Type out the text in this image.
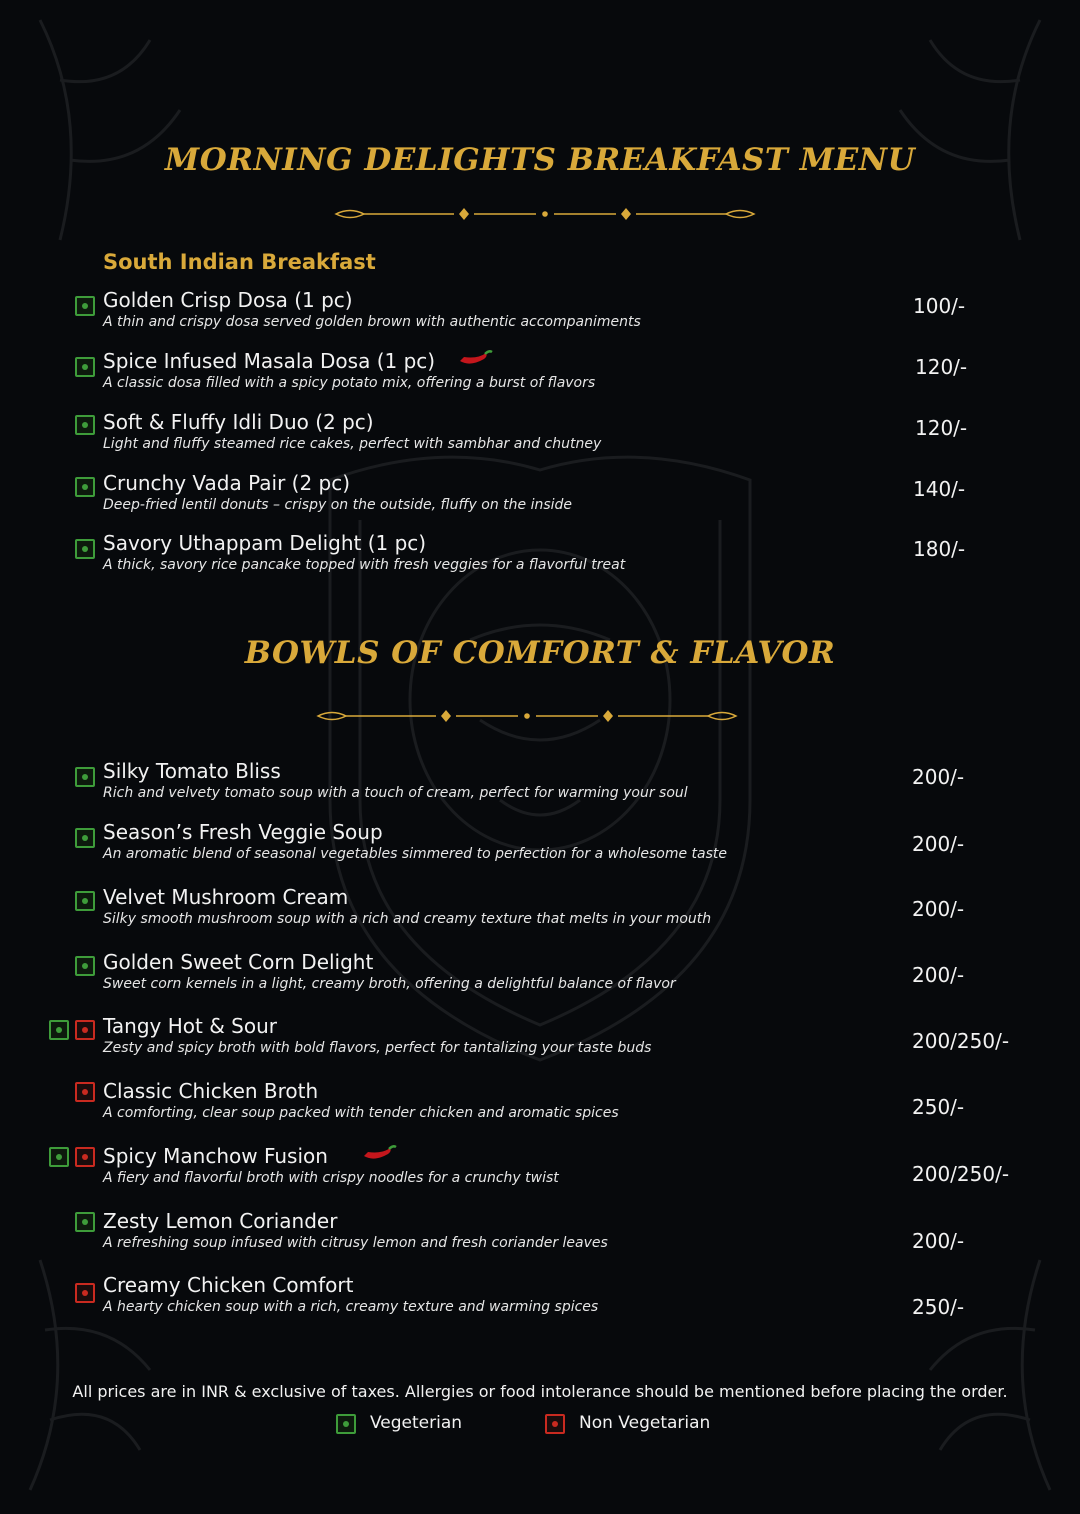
MORNING DELIGHTS BREAKFAST MENU
South Indian Breakfast
Golden Crisp Dosa (1 pc)
A thin and crispy dosa served golden brown with authentic accompaniments
100/-
Spice Infused Masala Dosa (1 pc)
A classic dosa filled with a spicy potato mix, offering a burst of flavors
120/-
Soft & Fluffy Idli Duo (2 pc)
Light and fluffy steamed rice cakes, perfect with sambhar and chutney
120/-
Crunchy Vada Pair (2 pc)
Deep-fried lentil donuts – crispy on the outside, fluffy on the inside
140/-
Savory Uthappam Delight (1 pc)
A thick, savory rice pancake topped with fresh veggies for a flavorful treat
180/-
BOWLS OF COMFORT & FLAVOR
Silky Tomato Bliss
Rich and velvety tomato soup with a touch of cream, perfect for warming your soul
200/-
Season’s Fresh Veggie Soup
An aromatic blend of seasonal vegetables simmered to perfection for a wholesome taste	200/-
Velvet Mushroom Cream
Silky smooth mushroom soup with a rich and creamy texture that melts in your mouth	200/-
Golden Sweet Corn Delight
Sweet corn kernels in a light, creamy broth, offering a delightful balance of flavor	200/-
Tangy Hot & Sour
Zesty and spicy broth with bold flavors, perfect for tantalizing your taste buds	200/250/-
Classic Chicken Broth
A comforting, clear soup packed with tender chicken and aromatic spices	250/-
Spicy Manchow Fusion
A fiery and flavorful broth with crispy noodles for a crunchy twist	200/250/-
Zesty Lemon Coriander
A refreshing soup infused with citrusy lemon and fresh coriander leaves	200/-
Creamy Chicken Comfort
A hearty chicken soup with a rich, creamy texture and warming spices	250/-

All prices are in INR & exclusive of taxes. Allergies or food intolerance should be mentioned before placing the order.

Vegeterian	Non Vegetarian
